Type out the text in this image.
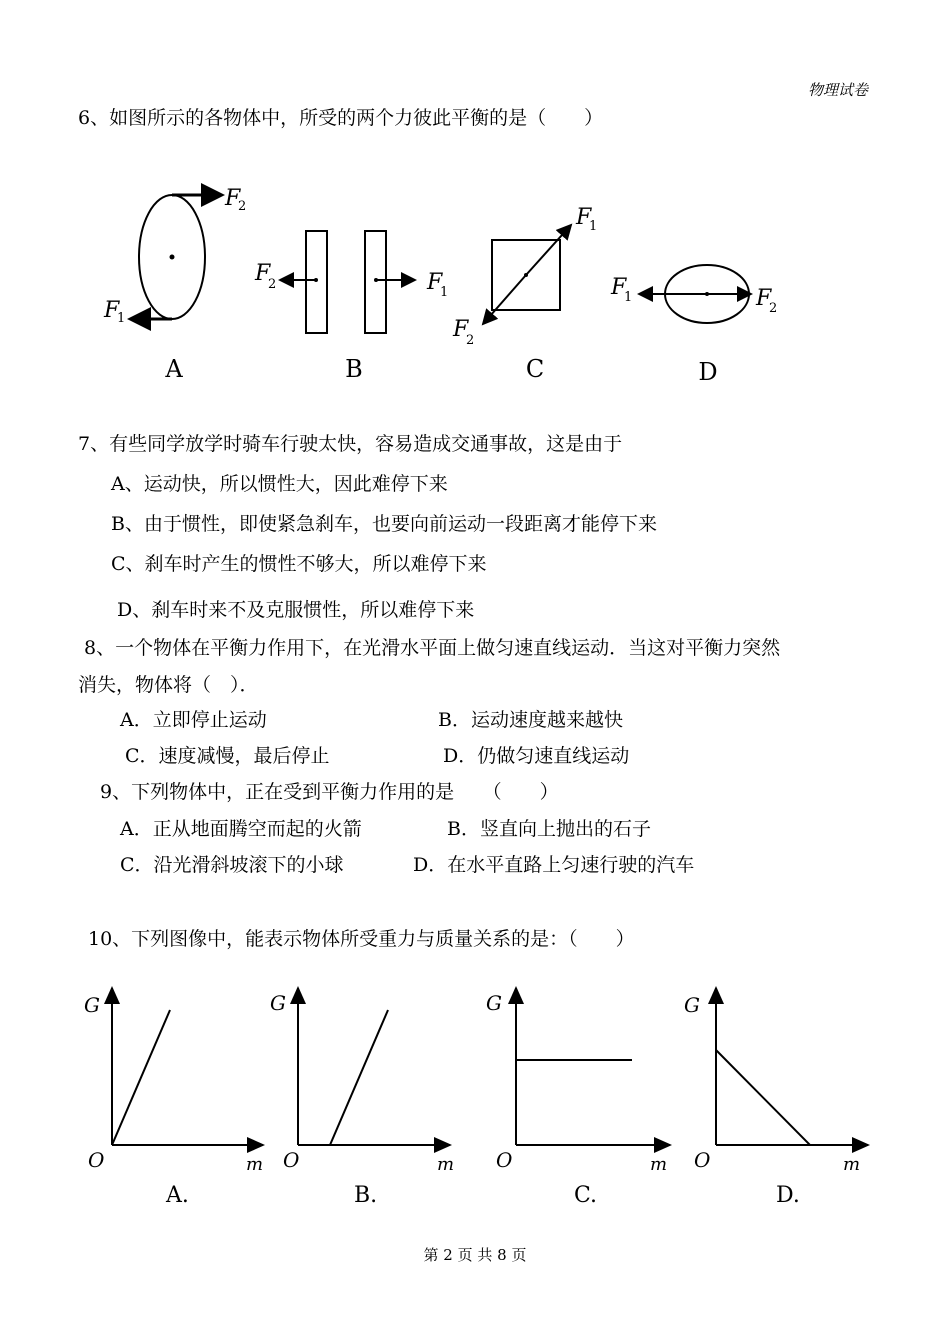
物理试卷
6、如图所示的各物体中，所受的两个力彼此平衡的是（　　）
F
2
F
1
A
F
2	F
1
B
F
1
F
2
C
F
1	F
2
D
7、有些同学放学时骑车行驶太快，容易造成交通事故，这是由于
A、运动快，所以惯性大，因此难停下来
B、由于惯性，即使紧急刹车，也要向前运动一段距离才能停下来
C、刹车时产生的惯性不够大，所以难停下来
D、刹车时来不及克服惯性，所以难停下来
8、一个物体在平衡力作用下，在光滑水平面上做匀速直线运动．当这对平衡力突然
消失，物体将（　）．
A．立即停止运动	B．运动速度越来越快
C．速度减慢，最后停止	D．仍做匀速直线运动
9、下列物体中，正在受到平衡力作用的是　　（　　）
A．正从地面腾空而起的火箭	B．竖直向上抛出的石子
C．沿光滑斜坡滚下的小球	D．在水平直路上匀速行驶的汽车
10、下列图像中，能表示物体所受重力与质量关系的是：（　　）
G
O	m
A.
G
O	m
B.
G
O	m
C.
G
O	m
D.
第 2 页 共 8 页
